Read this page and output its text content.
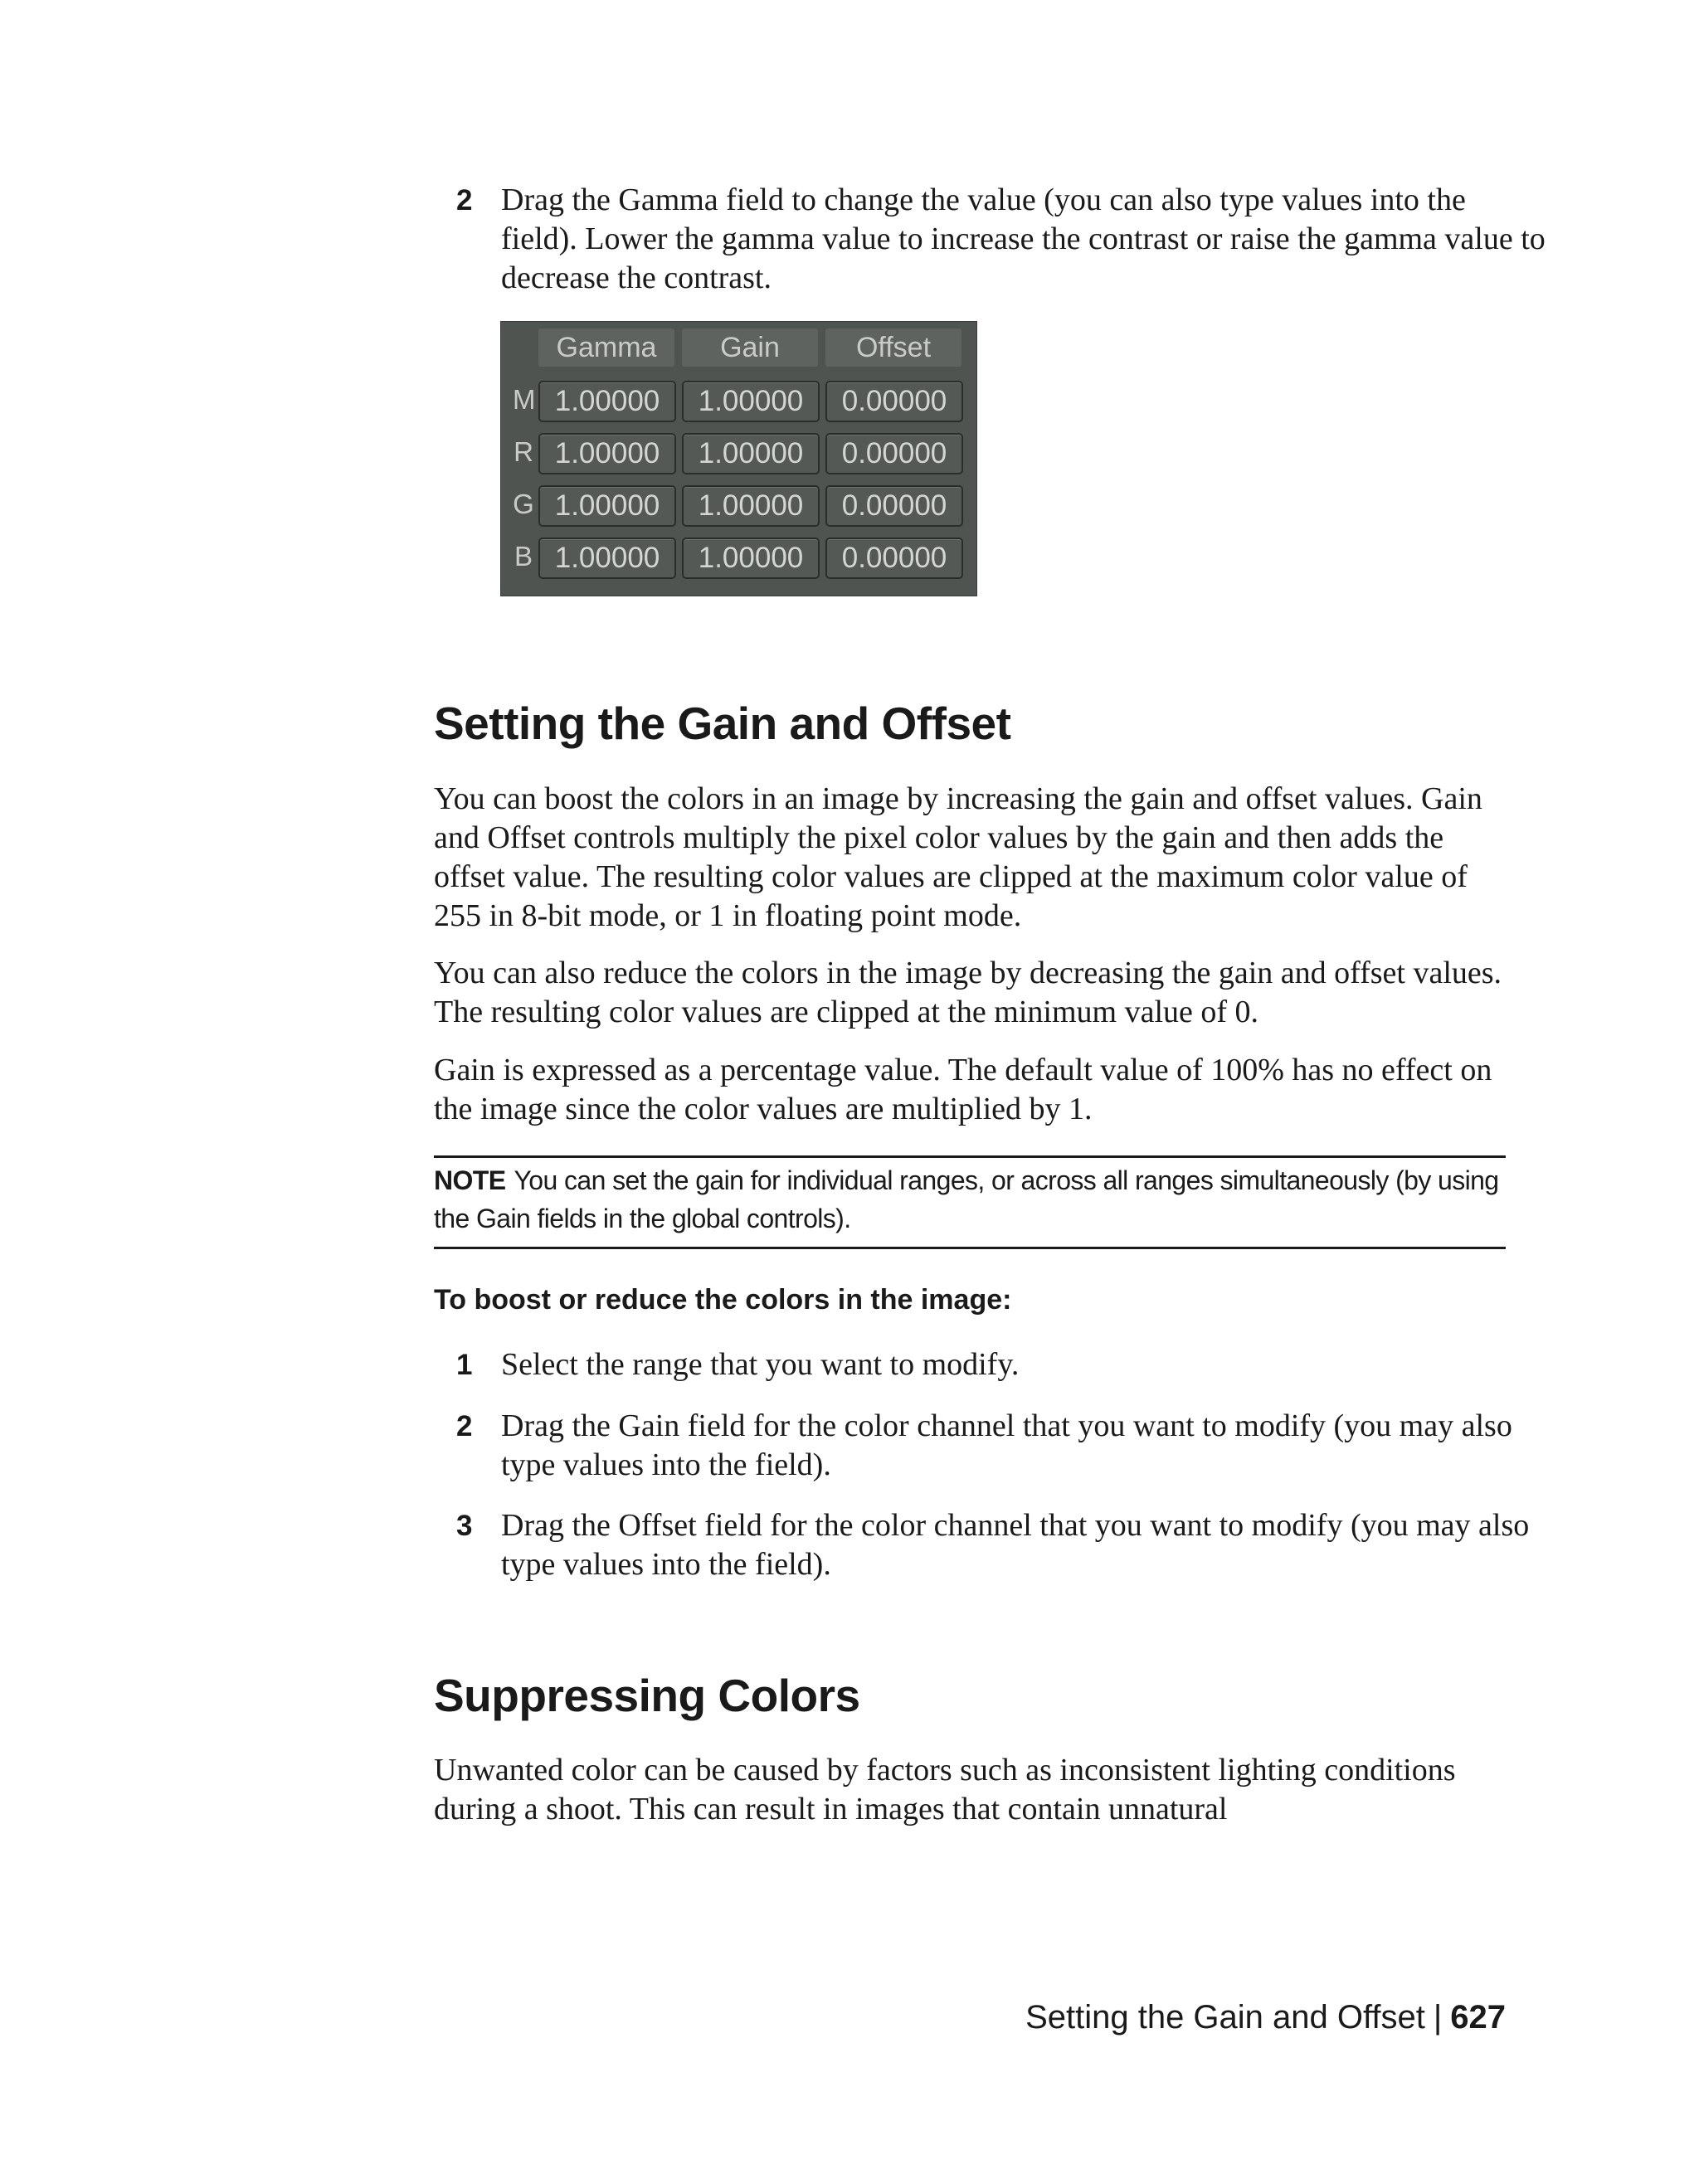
2 Drag the Gamma field to change the value (you can also type values into the field). Lower the gamma value to increase the contrast or raise the gamma value to decrease the contrast.
Gamma	Gain	Offset
M 1.00000	1.00000	0.00000
R 1.00000	1.00000	0.00000
G 1.00000	1.00000	0.00000
B 1.00000	1.00000	0.00000
Setting the Gain and Offset

You can boost the colors in an image by increasing the gain and offset values. Gain and Offset controls multiply the pixel color values by the gain and then adds the offset value. The resulting color values are clipped at the maximum color value of 255 in 8-bit mode, or 1 in floating point mode.

You can also reduce the colors in the image by decreasing the gain and offset values. The resulting color values are clipped at the minimum value of 0.

Gain is expressed as a percentage value. The default value of 100% has no effect on the image since the color values are multiplied by 1.

NOTE You can set the gain for individual ranges, or across all ranges simultaneously (by using the Gain fields in the global controls).

To boost or reduce the colors in the image:
1 Select the range that you want to modify.
2 Drag the Gain field for the color channel that you want to modify (you may also type values into the field).
3 Drag the Offset field for the color channel that you want to modify (you may also type values into the field).
Suppressing Colors

Unwanted color can be caused by factors such as inconsistent lighting conditions during a shoot. This can result in images that contain unnatural

Setting the Gain and Offset | 627
